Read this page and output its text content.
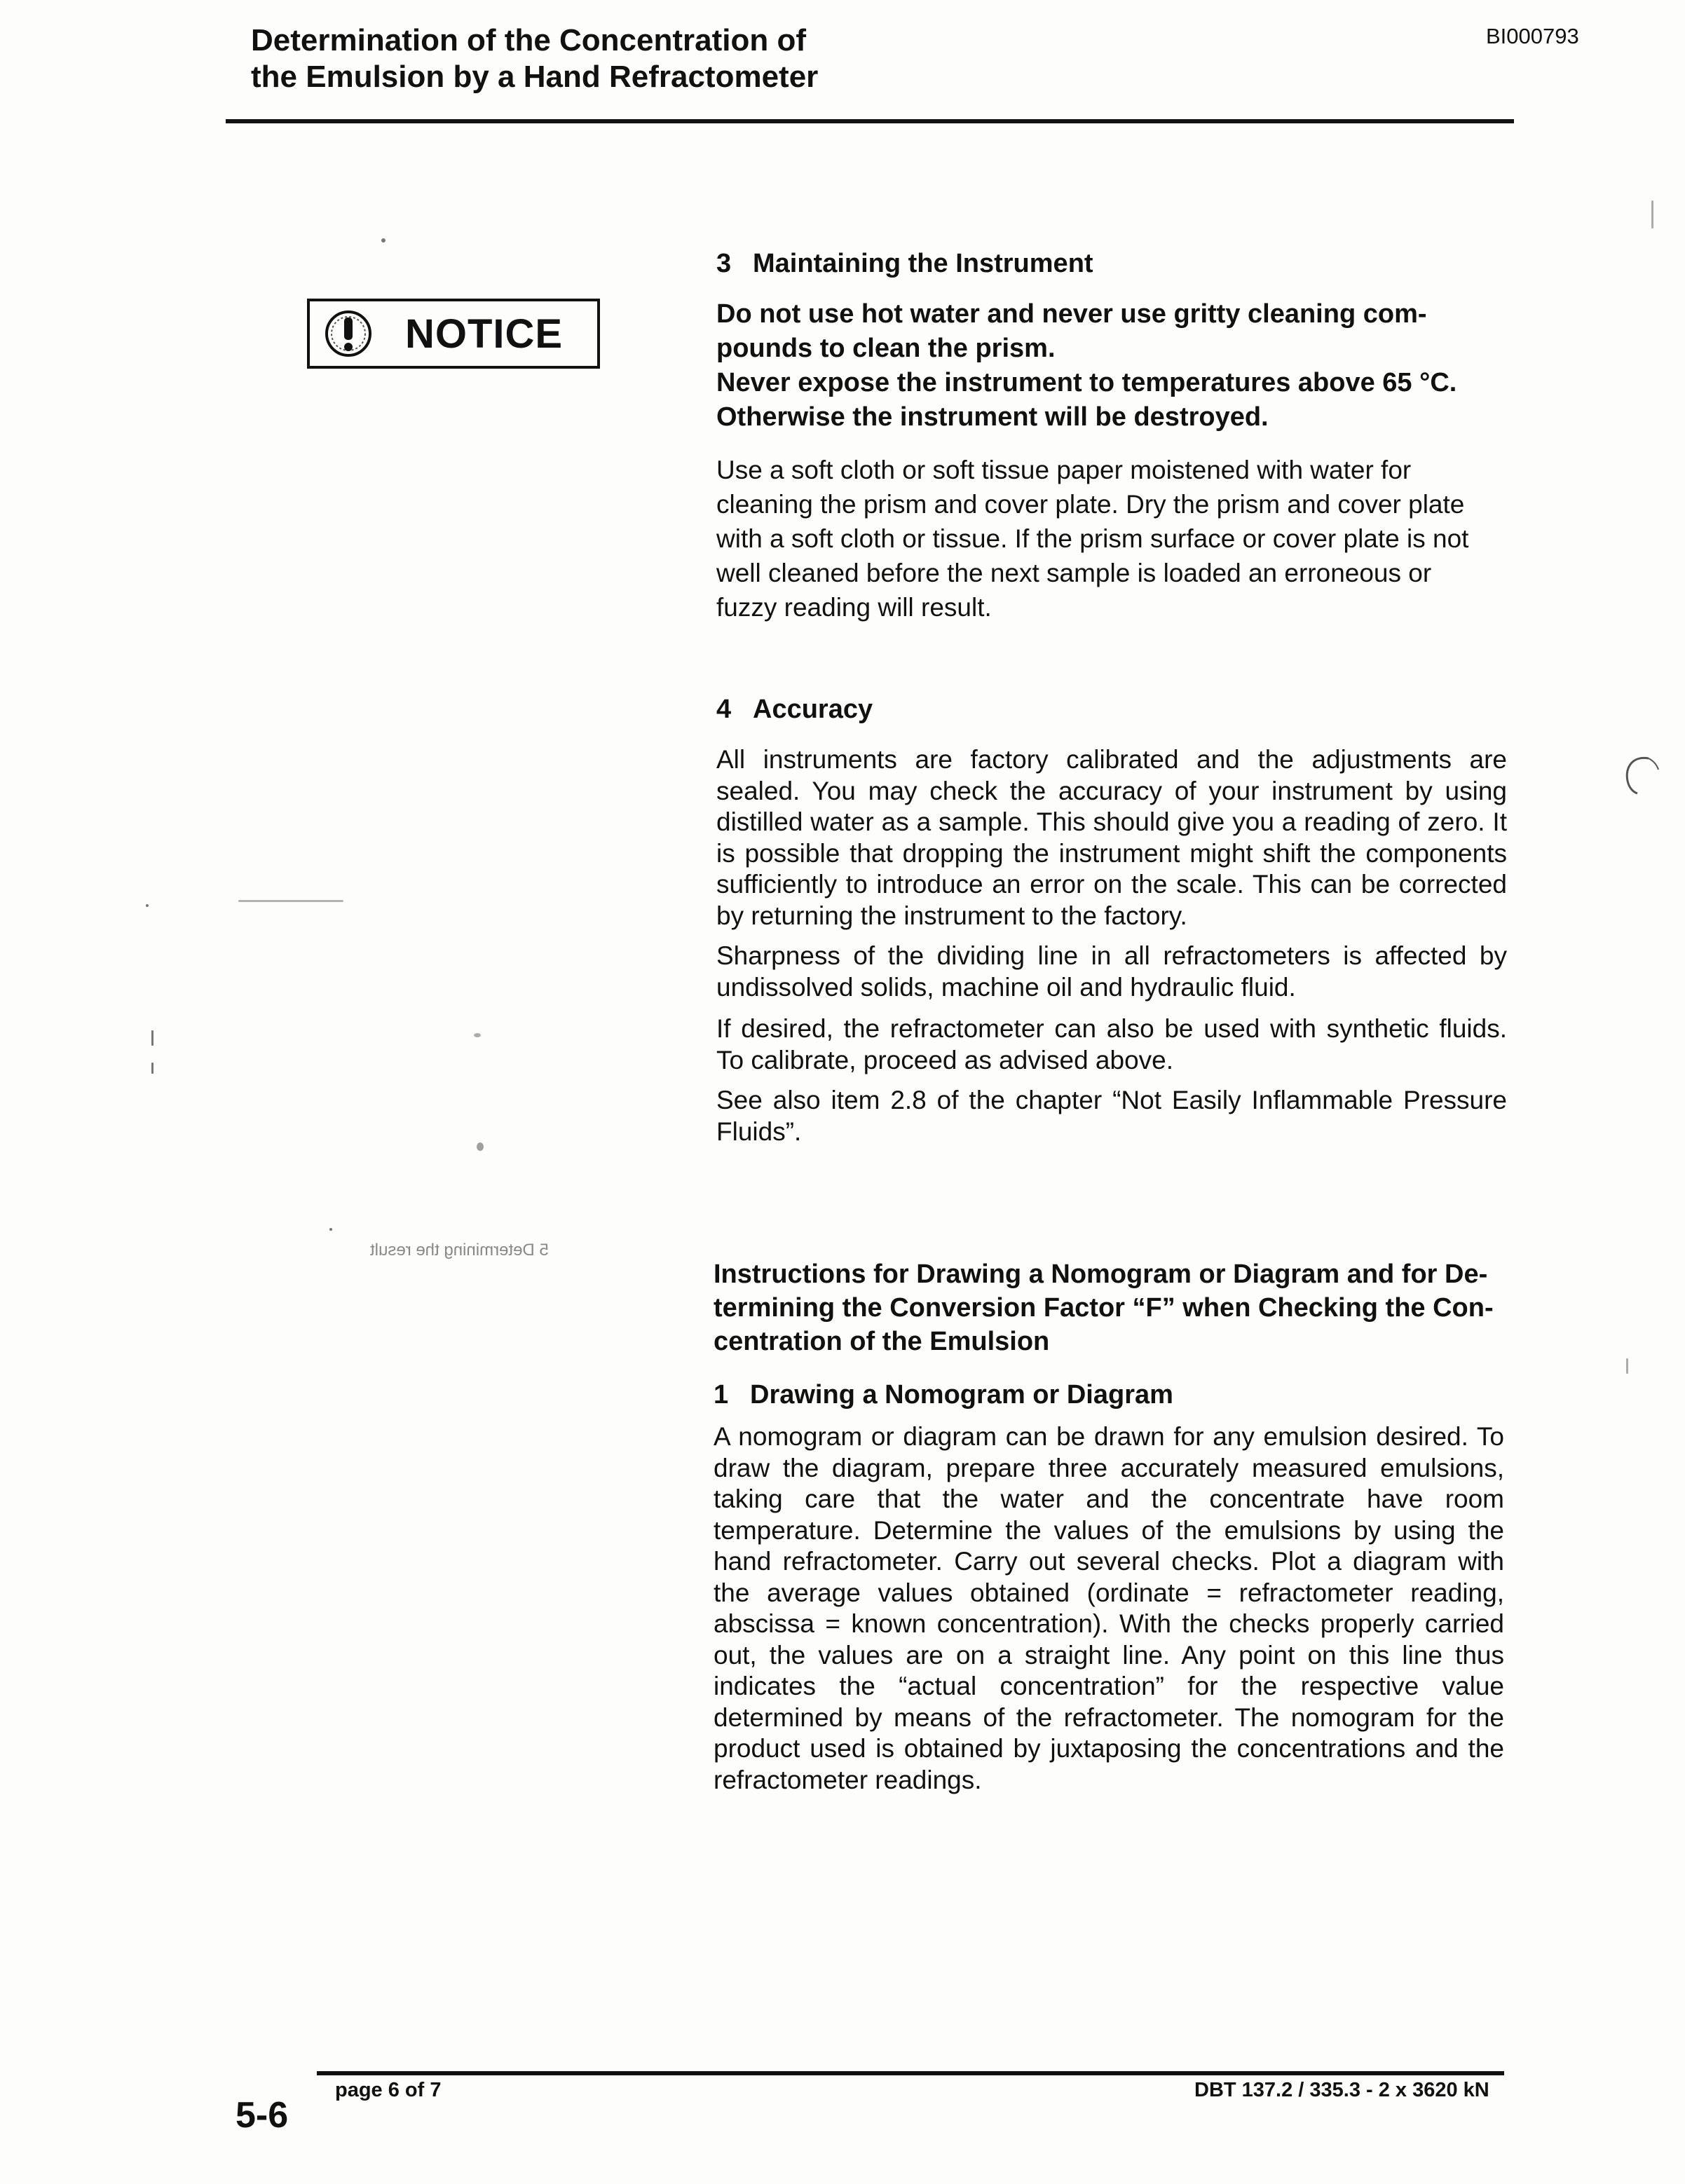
Determination of the Concentration of
the Emulsion by a Hand Refractometer
BI000793
NOTICE
3 Maintaining the Instrument
Do not use hot water and never use gritty cleaning com-
pounds to clean the prism.
Never expose the instrument to temperatures above 65 °C.
Otherwise the instrument will be destroyed.
Use a soft cloth or soft tissue paper moistened with water for
cleaning the prism and cover plate. Dry the prism and cover plate
with a soft cloth or tissue. If the prism surface or cover plate is not
well cleaned before the next sample is loaded an erroneous or
fuzzy reading will result.
4 Accuracy
All instruments are factory calibrated and the adjustments are sealed. You may check the accuracy of your instrument by using distilled water as a sample. This should give you a reading of zero. It is possible that dropping the instrument might shift the components sufficiently to introduce an error on the scale. This can be corrected by returning the instrument to the factory.
Sharpness of the dividing line in all refractometers is affected by undissolved solids, machine oil and hydraulic fluid.
If desired, the refractometer can also be used with synthetic fluids. To calibrate, proceed as advised above.
See also item 2.8 of the chapter “Not Easily Inflammable Pressure Fluids”.
Instructions for Drawing a Nomogram or Diagram and for De-
termining the Conversion Factor “F” when Checking the Con-
centration of the Emulsion
1 Drawing a Nomogram or Diagram
A nomogram or diagram can be drawn for any emulsion desired. To draw the diagram, prepare three accurately measured emulsions, taking care that the water and the concentrate have room temperature. Determine the values of the emulsions by using the hand refractometer. Carry out several checks. Plot a diagram with the average values obtained (ordinate = refractometer reading, abscissa = known concentration). With the checks properly carried out, the values are on a straight line. Any point on this line thus indicates the “actual concentration” for the respective value determined by means of the refractometer. The nomogram for the product used is obtained by juxtaposing the concentrations and the refractometer readings.
5 Determining the result
page 6 of 7	DBT 137.2 / 335.3 - 2 x 3620 kN
5-6
